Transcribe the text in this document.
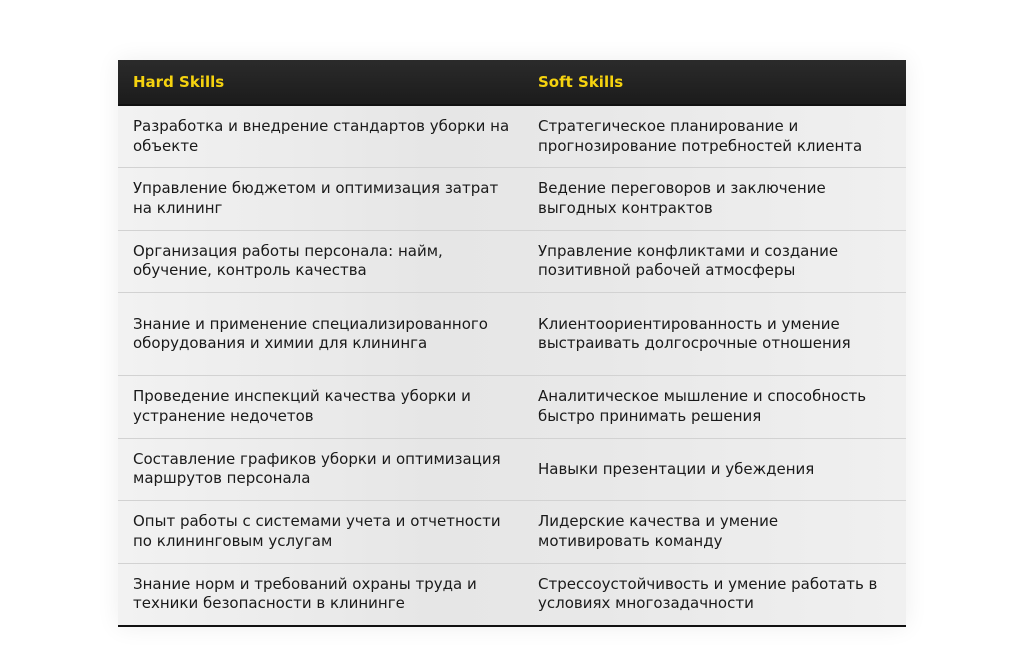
Hard Skills	Soft Skills
Разработка и внедрение стандартов уборки на объекте	Стратегическое планирование и прогнозирование потребностей клиента
Управление бюджетом и оптимизация затрат на клининг	Ведение переговоров и заключение выгодных контрактов
Организация работы персонала: найм, обучение, контроль качества	Управление конфликтами и создание позитивной рабочей атмосферы
Знание и применение специализированного оборудования и химии для клининга	Клиентоориентированность и умение выстраивать долгосрочные отношения
Проведение инспекций качества уборки и устранение недочетов	Аналитическое мышление и способность быстро принимать решения
Составление графиков уборки и оптимизация маршрутов персонала	Навыки презентации и убеждения
Опыт работы с системами учета и отчетности по клининговым услугам	Лидерские качества и умение мотивировать команду
Знание норм и требований охраны труда и техники безопасности в клининге	Стрессоустойчивость и умение работать в условиях многозадачности
